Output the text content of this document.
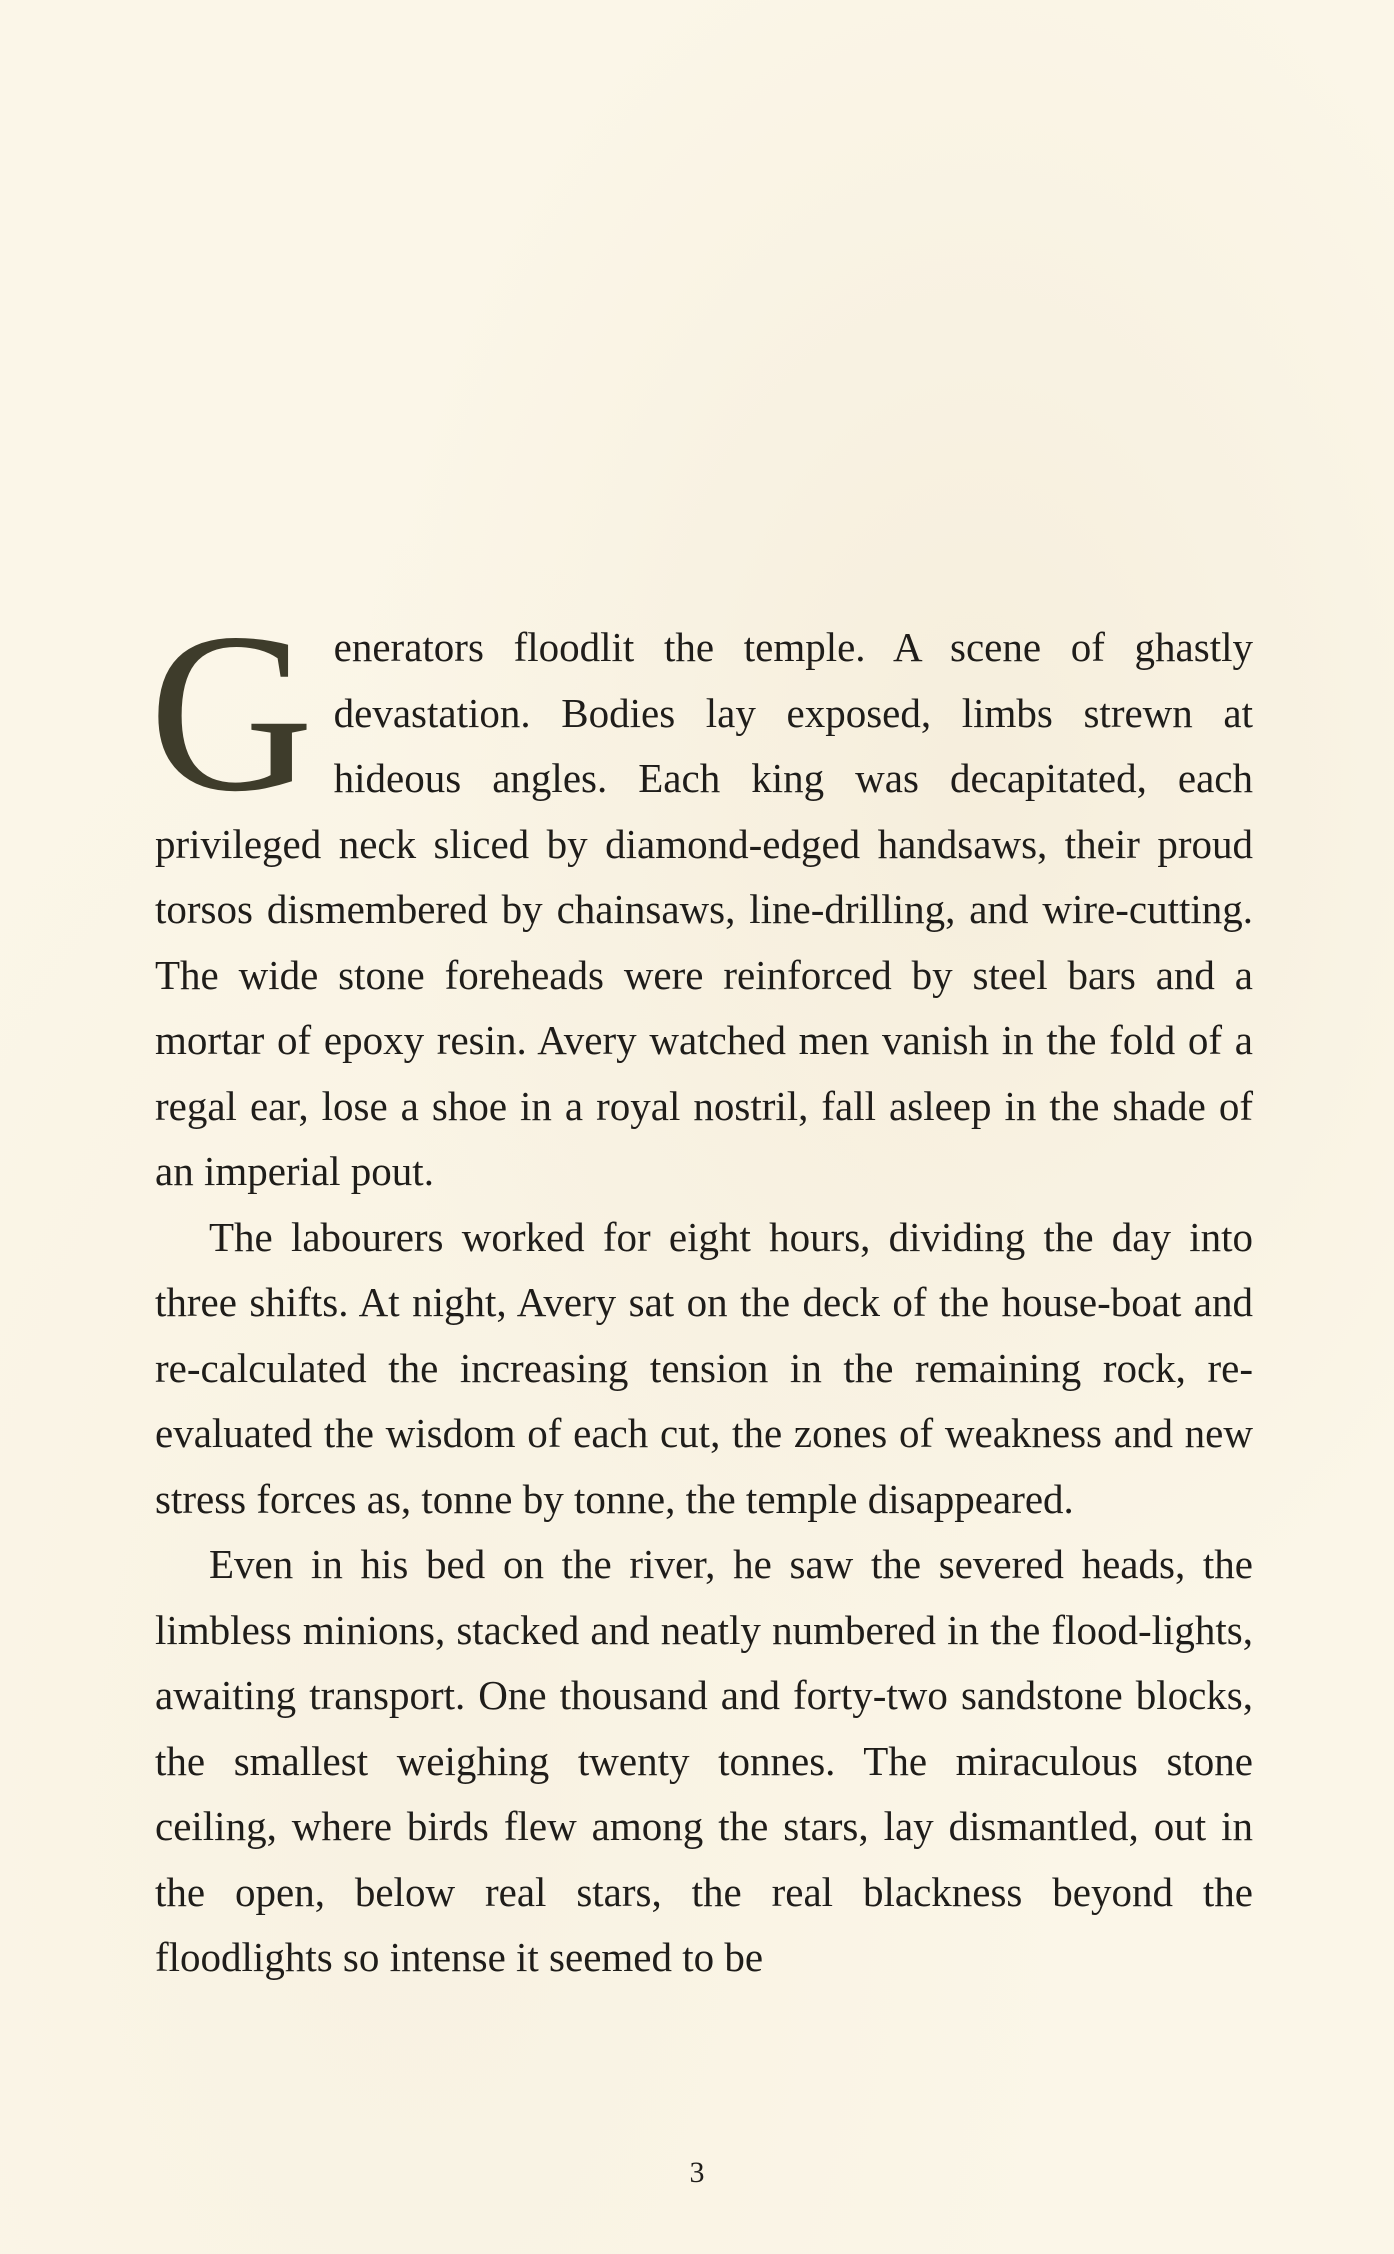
Generators floodlit the temple. A scene of ghastly devastation. Bodies lay exposed, limbs strewn at hideous angles. Each king was decapitated, each privileged neck sliced by diamond-edged handsaws, their proud torsos dismembered by chainsaws, line-drilling, and wire-cutting. The wide stone foreheads were reinforced by steel bars and a mortar of epoxy resin. Avery watched men vanish in the fold of a regal ear, lose a shoe in a royal nostril, fall asleep in the shade of an imperial pout.

The labourers worked for eight hours, dividing the day into three shifts. At night, Avery sat on the deck of the house-boat and re-calculated the increasing tension in the remaining rock, re-evaluated the wisdom of each cut, the zones of weakness and new stress forces as, tonne by tonne, the temple disappeared.

Even in his bed on the river, he saw the severed heads, the limbless minions, stacked and neatly numbered in the flood-lights, awaiting transport. One thousand and forty-two sandstone blocks, the smallest weighing twenty tonnes. The miraculous stone ceiling, where birds flew among the stars, lay dismantled, out in the open, below real stars, the real blackness beyond the floodlights so intense it seemed to be

3
